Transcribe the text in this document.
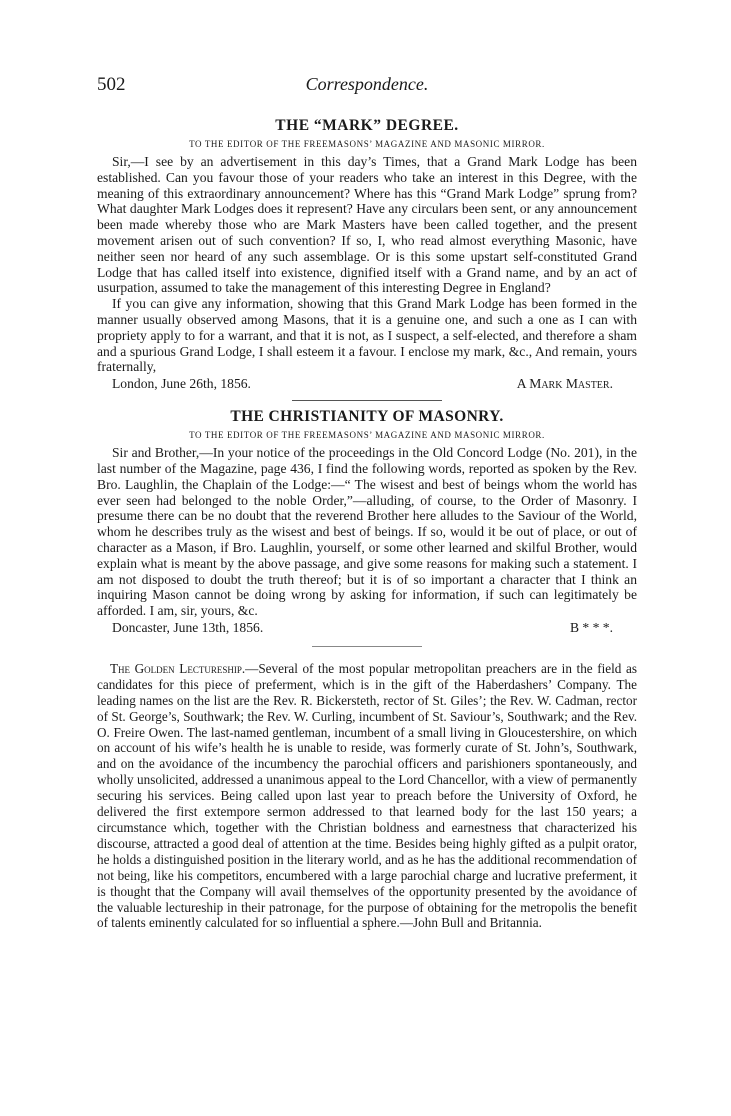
502	Correspondence.
THE “MARK” DEGREE.
TO THE EDITOR OF THE FREEMASONS’ MAGAZINE AND MASONIC MIRROR.

Sir,—I see by an advertisement in this day’s Times, that a Grand Mark Lodge has been established. Can you favour those of your readers who take an interest in this Degree, with the meaning of this extraordinary announcement? Where has this “Grand Mark Lodge” sprung from? What daughter Mark Lodges does it represent? Have any circulars been sent, or any announcement been made whereby those who are Mark Masters have been called together, and the present movement arisen out of such convention? If so, I, who read almost everything Masonic, have neither seen nor heard of any such assemblage. Or is this some upstart self-constituted Grand Lodge that has called itself into existence, dignified itself with a Grand name, and by an act of usurpation, assumed to take the management of this interesting Degree in England?

If you can give any information, showing that this Grand Mark Lodge has been formed in the manner usually observed among Masons, that it is a genuine one, and such a one as I can with propriety apply to for a warrant, and that it is not, as I suspect, a self-elected, and therefore a sham and a spurious Grand Lodge, I shall esteem it a favour. I enclose my mark, &c., And remain, yours fraternally,

London, June 26th, 1856.	A Mark Master.
THE CHRISTIANITY OF MASONRY.
TO THE EDITOR OF THE FREEMASONS’ MAGAZINE AND MASONIC MIRROR.

Sir and Brother,—In your notice of the proceedings in the Old Concord Lodge (No. 201), in the last number of the Magazine, page 436, I find the following words, reported as spoken by the Rev. Bro. Laughlin, the Chaplain of the Lodge:—“ The wisest and best of beings whom the world has ever seen had belonged to the noble Order,”—alluding, of course, to the Order of Masonry. I presume there can be no doubt that the reverend Brother here alludes to the Saviour of the World, whom he describes truly as the wisest and best of beings. If so, would it be out of place, or out of character as a Mason, if Bro. Laughlin, yourself, or some other learned and skilful Brother, would explain what is meant by the above passage, and give some reasons for making such a statement. I am not disposed to doubt the truth thereof; but it is of so important a character that I think an inquiring Mason cannot be doing wrong by asking for information, if such can legitimately be afforded. I am, sir, yours, &c.

Doncaster, June 13th, 1856.	B * * *.

The Golden Lectureship.—Several of the most popular metropolitan preachers are in the field as candidates for this piece of preferment, which is in the gift of the Haberdashers’ Company. The leading names on the list are the Rev. R. Bickersteth, rector of St. Giles’; the Rev. W. Cadman, rector of St. George’s, Southwark; the Rev. W. Curling, incumbent of St. Saviour’s, Southwark; and the Rev. O. Freire Owen. The last-named gentleman, incumbent of a small living in Gloucestershire, on which on account of his wife’s health he is unable to reside, was formerly curate of St. John’s, Southwark, and on the avoidance of the incumbency the parochial officers and parishioners spontaneously, and wholly unsolicited, addressed a unanimous appeal to the Lord Chancellor, with a view of permanently securing his services. Being called upon last year to preach before the University of Oxford, he delivered the first extempore sermon addressed to that learned body for the last 150 years; a circumstance which, together with the Christian boldness and earnestness that characterized his discourse, attracted a good deal of attention at the time. Besides being highly gifted as a pulpit orator, he holds a distinguished position in the literary world, and as he has the additional recommendation of not being, like his competitors, encumbered with a large parochial charge and lucrative preferment, it is thought that the Company will avail themselves of the opportunity presented by the avoidance of the valuable lectureship in their patronage, for the purpose of obtaining for the metropolis the benefit of talents eminently calculated for so influential a sphere.—John Bull and Britannia.
